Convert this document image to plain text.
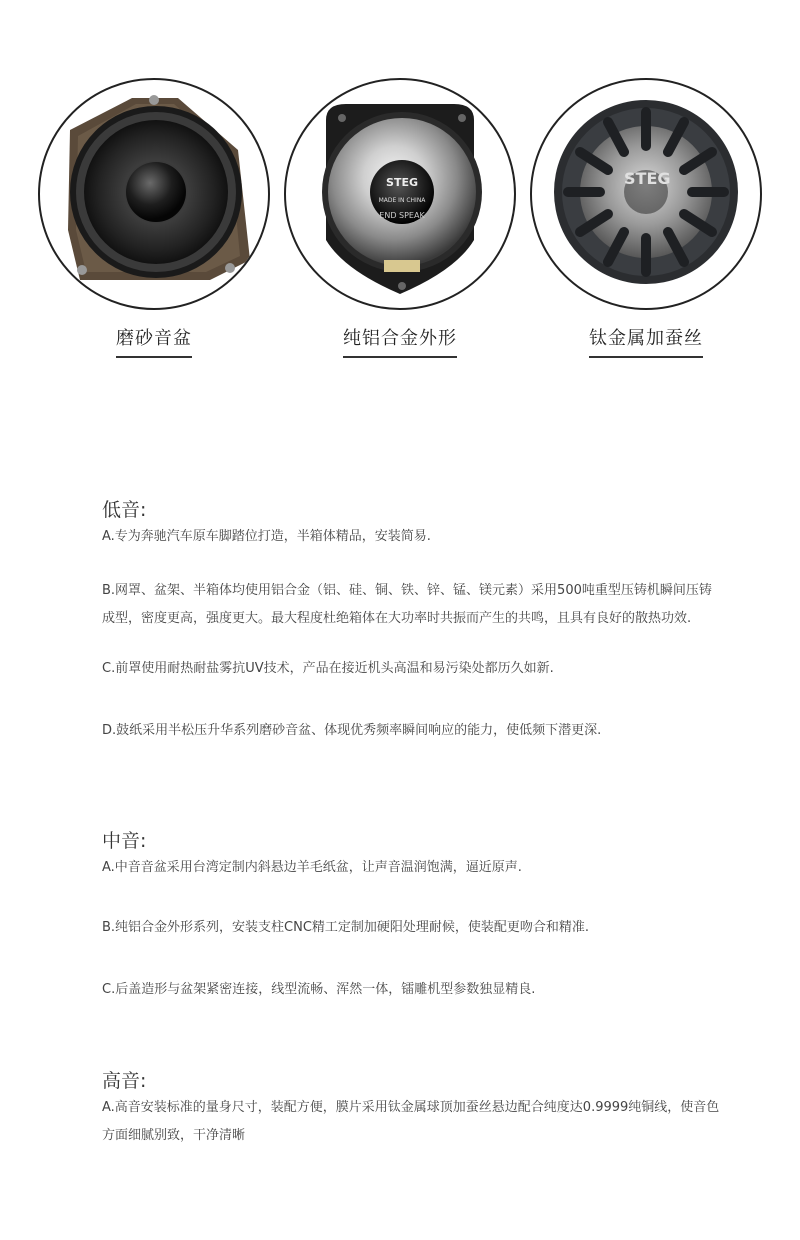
磨砂音盆
STEG
MADE IN CHINA
END SPEAK
纯铝合金外形
STEG
钛金属加蚕丝
低音:

A.专为奔驰汽车原车脚踏位打造，半箱体精品，安装简易.

B.网罩、盆架、半箱体均使用铝合金（铝、硅、铜、铁、锌、锰、镁元素）采用500吨重型压铸机瞬间压铸成型，密度更高，强度更大。最大程度杜绝箱体在大功率时共振而产生的共鸣，且具有良好的散热功效.

C.前罩使用耐热耐盐雾抗UV技术，产品在接近机头高温和易污染处都历久如新.

D.鼓纸采用半松压升华系列磨砂音盆、体现优秀频率瞬间响应的能力，使低频下潜更深.

中音:

A.中音音盆采用台湾定制内斜悬边羊毛纸盆，让声音温润饱满，逼近原声.

B.纯铝合金外形系列，安装支柱CNC精工定制加硬阳处理耐候，使装配更吻合和精准.

C.后盖造形与盆架紧密连接，线型流畅、浑然一体，镭雕机型参数独显精良.

高音:

A.高音安装标准的量身尺寸，装配方便，膜片采用钛金属球顶加蚕丝悬边配合纯度达0.9999纯铜线，使音色方面细腻别致，干净清晰
